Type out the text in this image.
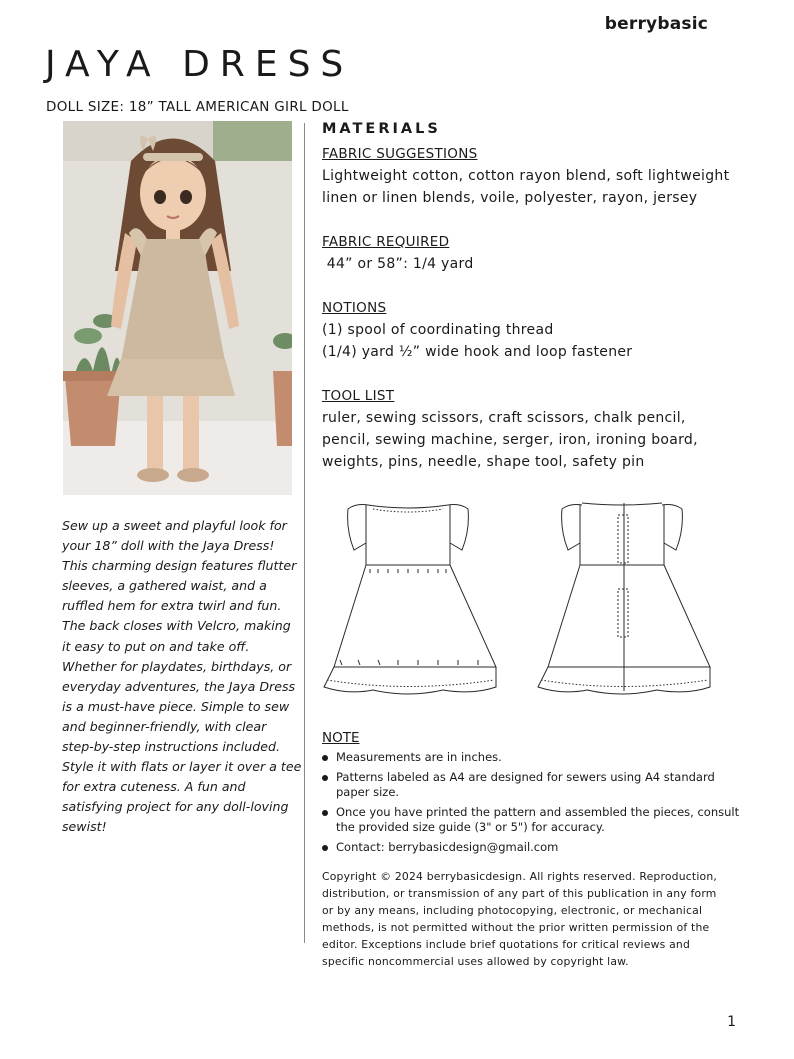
berrybasic
JAYA DRESS
DOLL SIZE: 18” TALL AMERICAN GIRL DOLL
Sew up a sweet and playful look for your 18” doll with the Jaya Dress! This charming design features flutter sleeves, a gathered waist, and a ruffled hem for extra twirl and fun. The back closes with Velcro, making it easy to put on and take off. Whether for playdates, birthdays, or everyday adventures, the Jaya Dress is a must-have piece. Simple to sew and beginner-friendly, with clear step-by-step instructions included. Style it with flats or layer it over a tee for extra cuteness. A fun and satisfying project for any doll-loving sewist!
MATERIALS
FABRIC SUGGESTIONS
Lightweight cotton, cotton rayon blend, soft lightweight
linen or linen blends, voile, polyester, rayon, jersey
FABRIC REQUIRED
44” or 58”: 1/4 yard
NOTIONS
(1) spool of coordinating thread
(1/4) yard ½” wide hook and loop fastener
TOOL LIST
ruler, sewing scissors, craft scissors, chalk pencil,
pencil, sewing machine, serger, iron, ironing board,
weights, pins, needle, shape tool, safety pin
NOTE
Measurements are in inches.
Patterns labeled as A4 are designed for sewers using A4 standard paper size.
Once you have printed the pattern and assembled the pieces, consult the provided size guide (3" or 5") for accuracy.
Contact: berrybasicdesign@gmail.com
Copyright © 2024 berrybasicdesign. All rights reserved. Reproduction, distribution, or transmission of any part of this publication in any form or by any means, including photocopying, electronic, or mechanical methods, is not permitted without the prior written permission of the editor. Exceptions include brief quotations for critical reviews and specific noncommercial uses allowed by copyright law.
1
